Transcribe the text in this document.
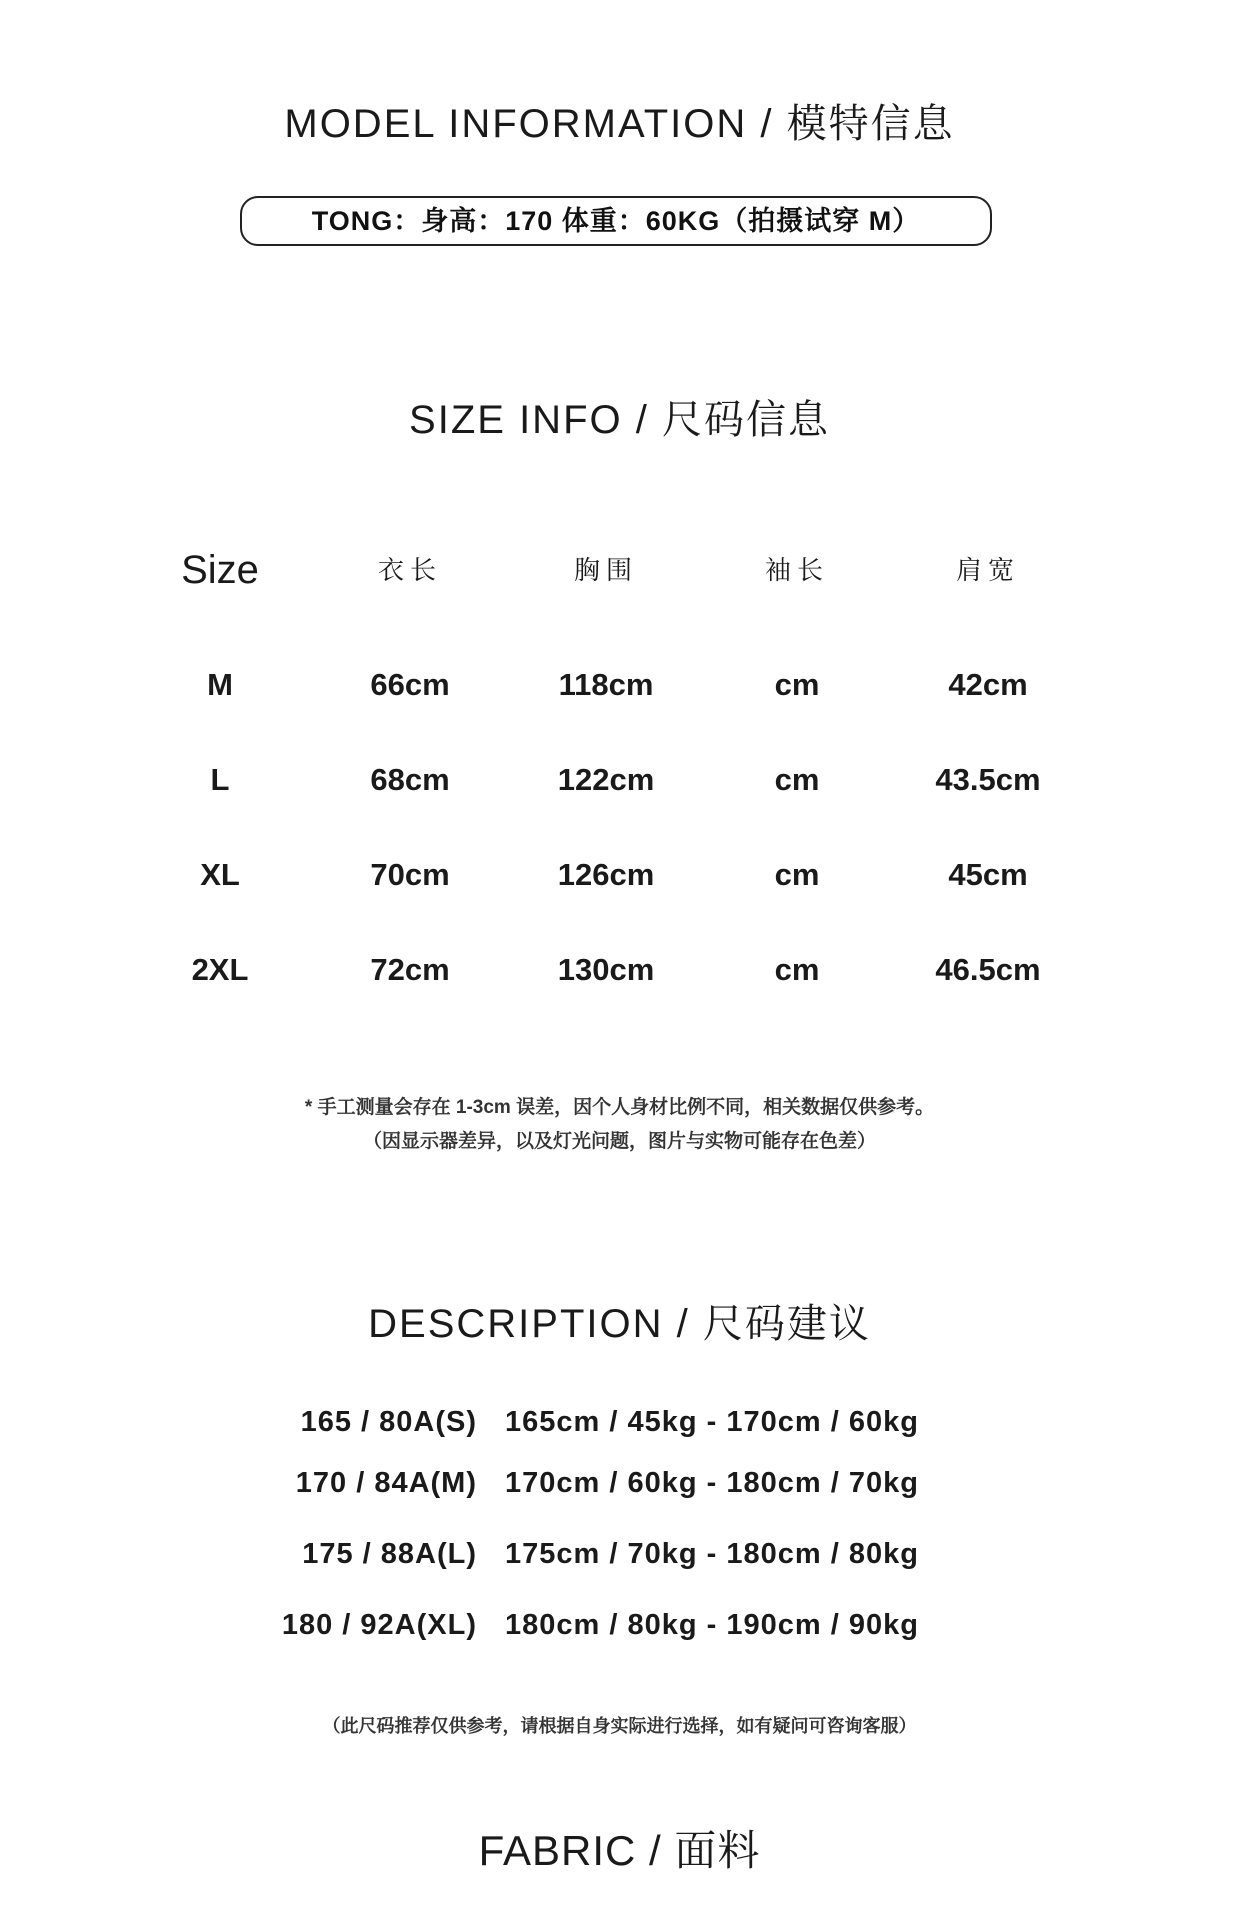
MODEL INFORMATION / 模特信息
TONG：身高：170 体重：60KG（拍摄试穿 M）
SIZE INFO / 尺码信息
Size	衣长	胸围	袖长	肩宽
M	66cm	118cm	cm	42cm
L	68cm	122cm	cm	43.5cm
XL	70cm	126cm	cm	45cm
2XL	72cm	130cm	cm	46.5cm
* 手工测量会存在 1-3cm 误差，因个人身材比例不同，相关数据仅供参考。
（因显示器差异，以及灯光问题，图片与实物可能存在色差）
DESCRIPTION / 尺码建议
165 / 80A(S) 165cm / 45kg - 170cm / 60kg
170 / 84A(M) 170cm / 60kg - 180cm / 70kg
175 / 88A(L) 175cm / 70kg - 180cm / 80kg
180 / 92A(XL) 180cm / 80kg - 190cm / 90kg
（此尺码推荐仅供参考，请根据自身实际进行选择，如有疑问可咨询客服）
FABRIC / 面料
